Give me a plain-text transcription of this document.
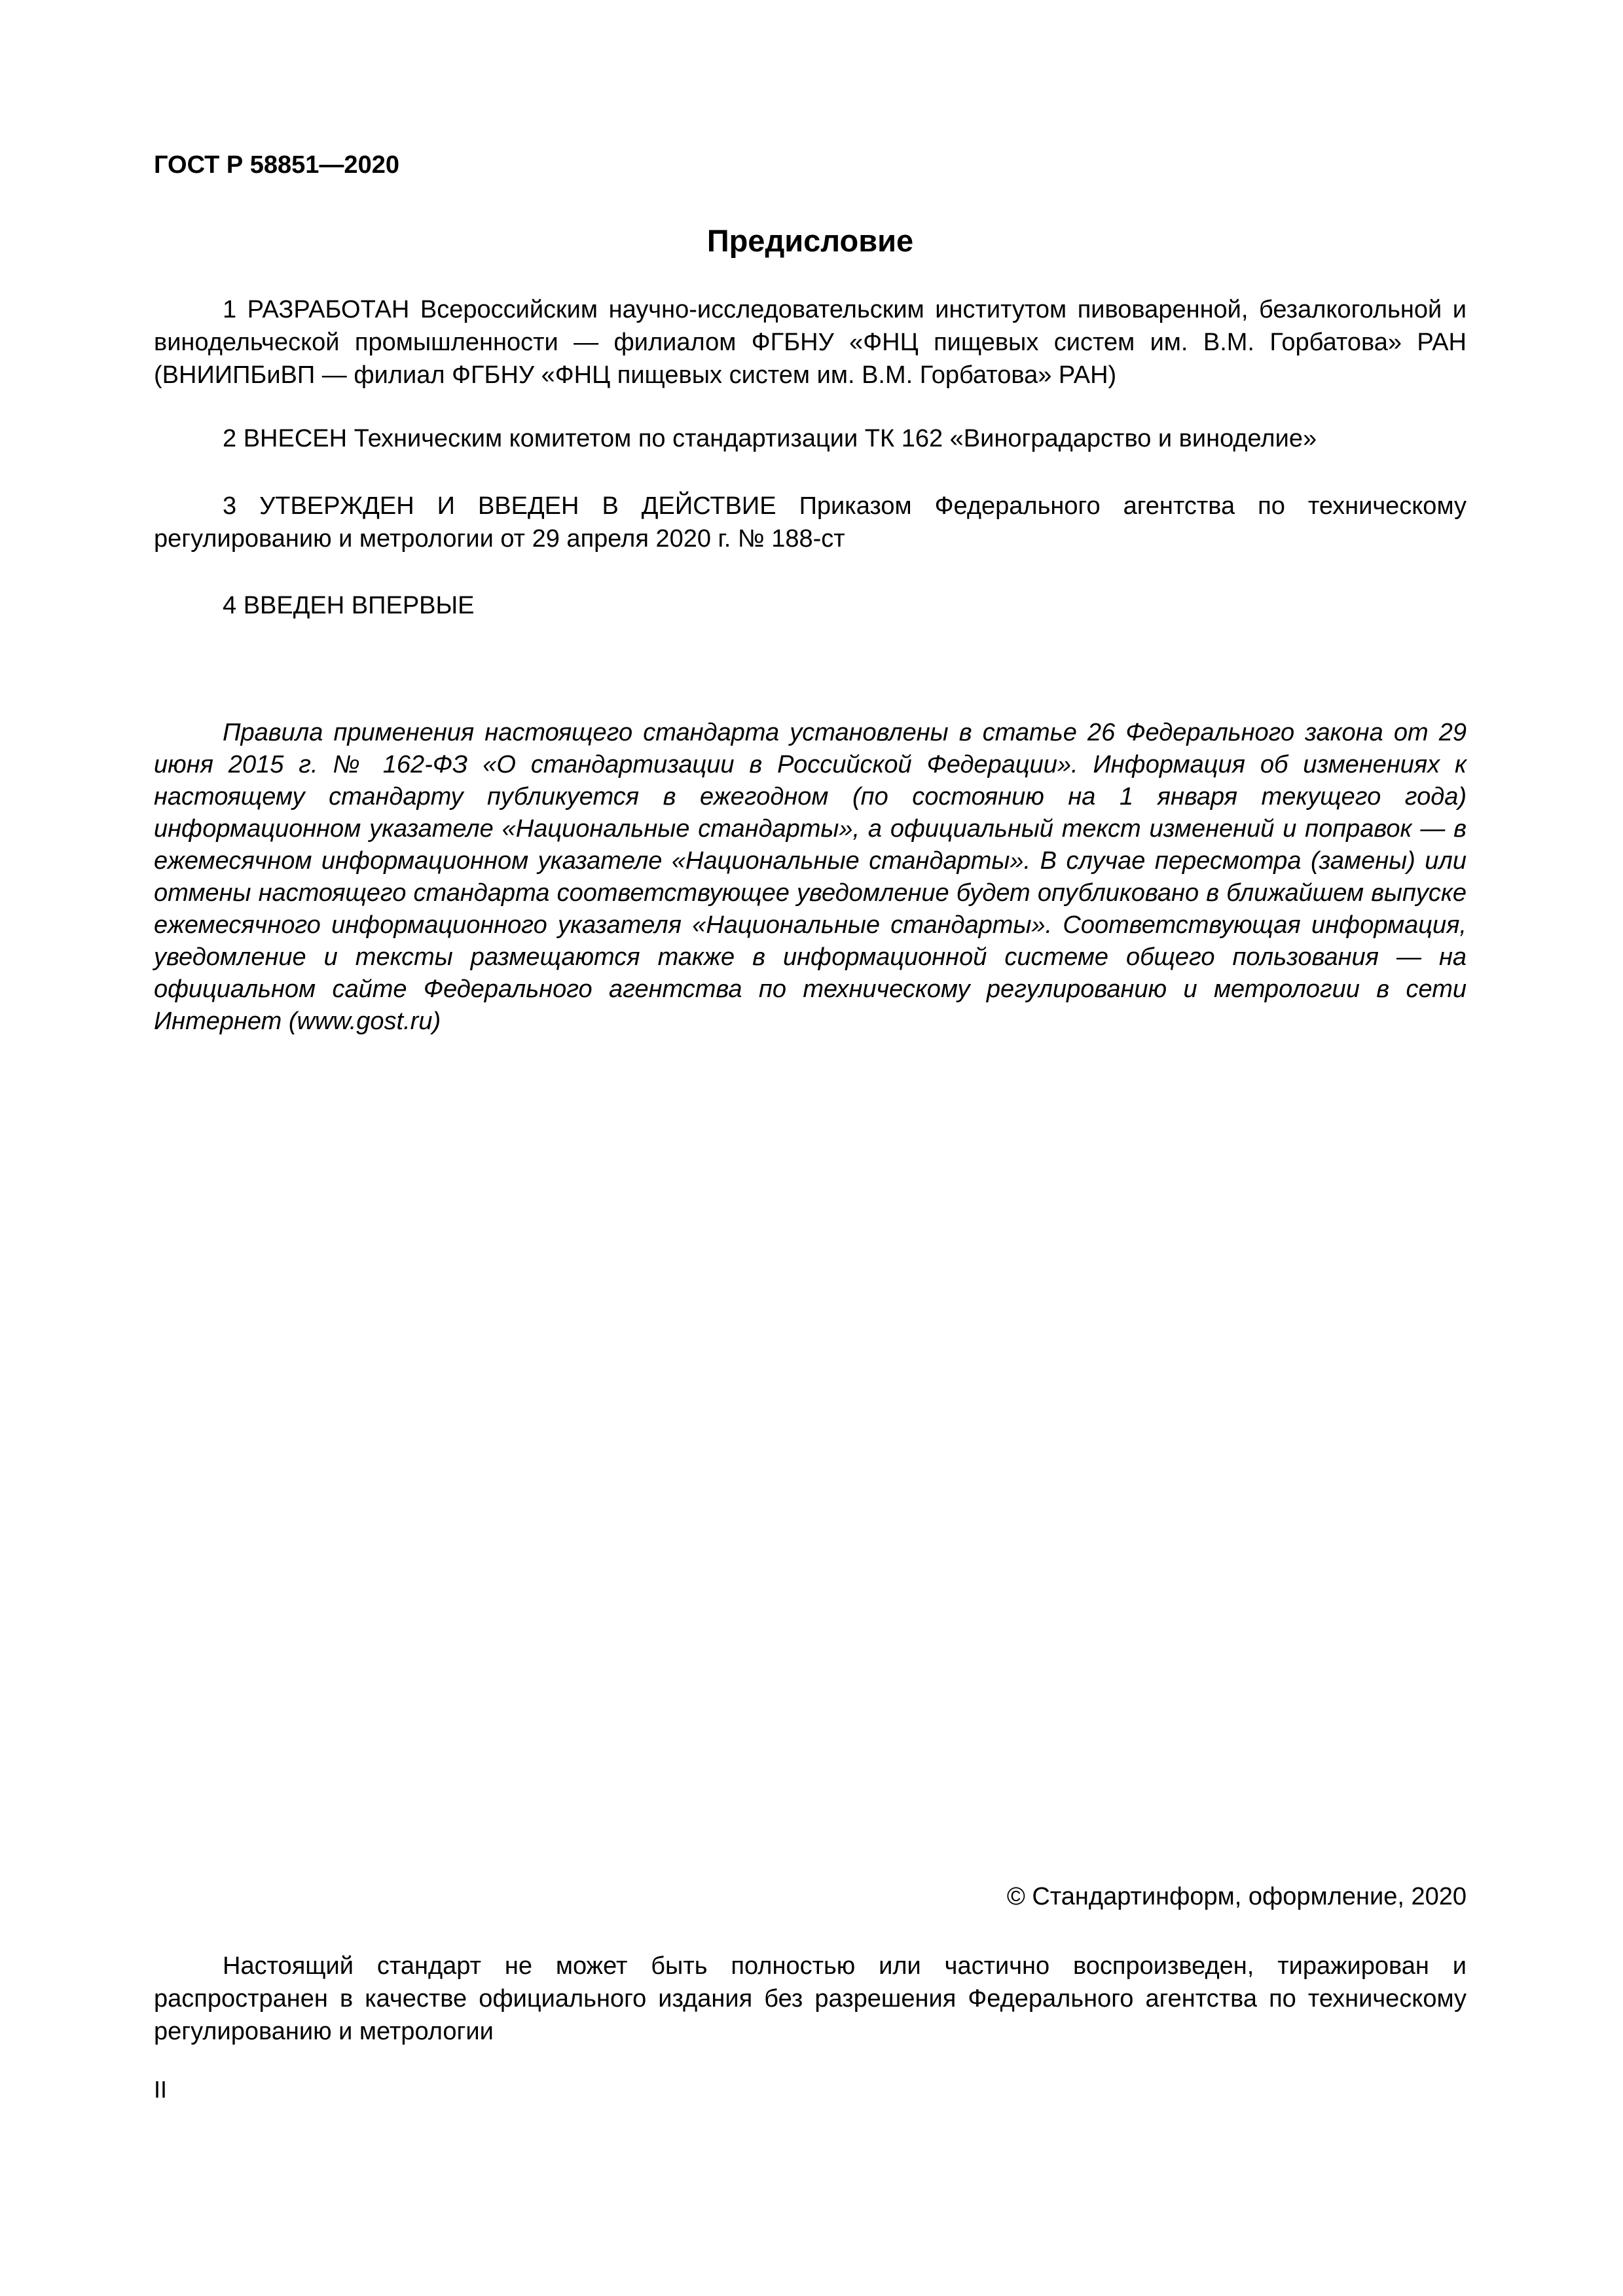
ГОСТ Р 58851—2020
Предисловие

1 РАЗРАБОТАН Всероссийским научно-исследовательским институтом пивоваренной, безалкогольной и винодельческой промышленности — филиалом ФГБНУ «ФНЦ пищевых систем им. В.М. Горбатова» РАН (ВНИИПБиВП — филиал ФГБНУ «ФНЦ пищевых систем им. В.М. Горбатова» РАН)

2 ВНЕСЕН Техническим комитетом по стандартизации ТК 162 «Виноградарство и виноделие»

3 УТВЕРЖДЕН И ВВЕДЕН В ДЕЙСТВИЕ Приказом Федерального агентства по техническому регулированию и метрологии от 29 апреля 2020 г. № 188-ст

4 ВВЕДЕН ВПЕРВЫЕ

Правила применения настоящего стандарта установлены в статье 26 Федерального закона от 29 июня 2015 г. № 162-ФЗ «О стандартизации в Российской Федерации». Информация об изменениях к настоящему стандарту публикуется в ежегодном (по состоянию на 1 января текущего года) информационном указателе «Национальные стандарты», а официальный текст изменений и поправок — в ежемесячном информационном указателе «Национальные стандарты». В случае пересмотра (замены) или отмены настоящего стандарта соответствующее уведомление будет опубликовано в ближайшем выпуске ежемесячного информационного указателя «Национальные стандарты». Соответствующая информация, уведомление и тексты размещаются также в информационной системе общего пользования — на официальном сайте Федерального агентства по техническому регулированию и метрологии в сети Интернет (www.gost.ru)

© Стандартинформ, оформление, 2020

Настоящий стандарт не может быть полностью или частично воспроизведен, тиражирован и распространен в качестве официального издания без разрешения Федерального агентства по техническому регулированию и метрологии

II
